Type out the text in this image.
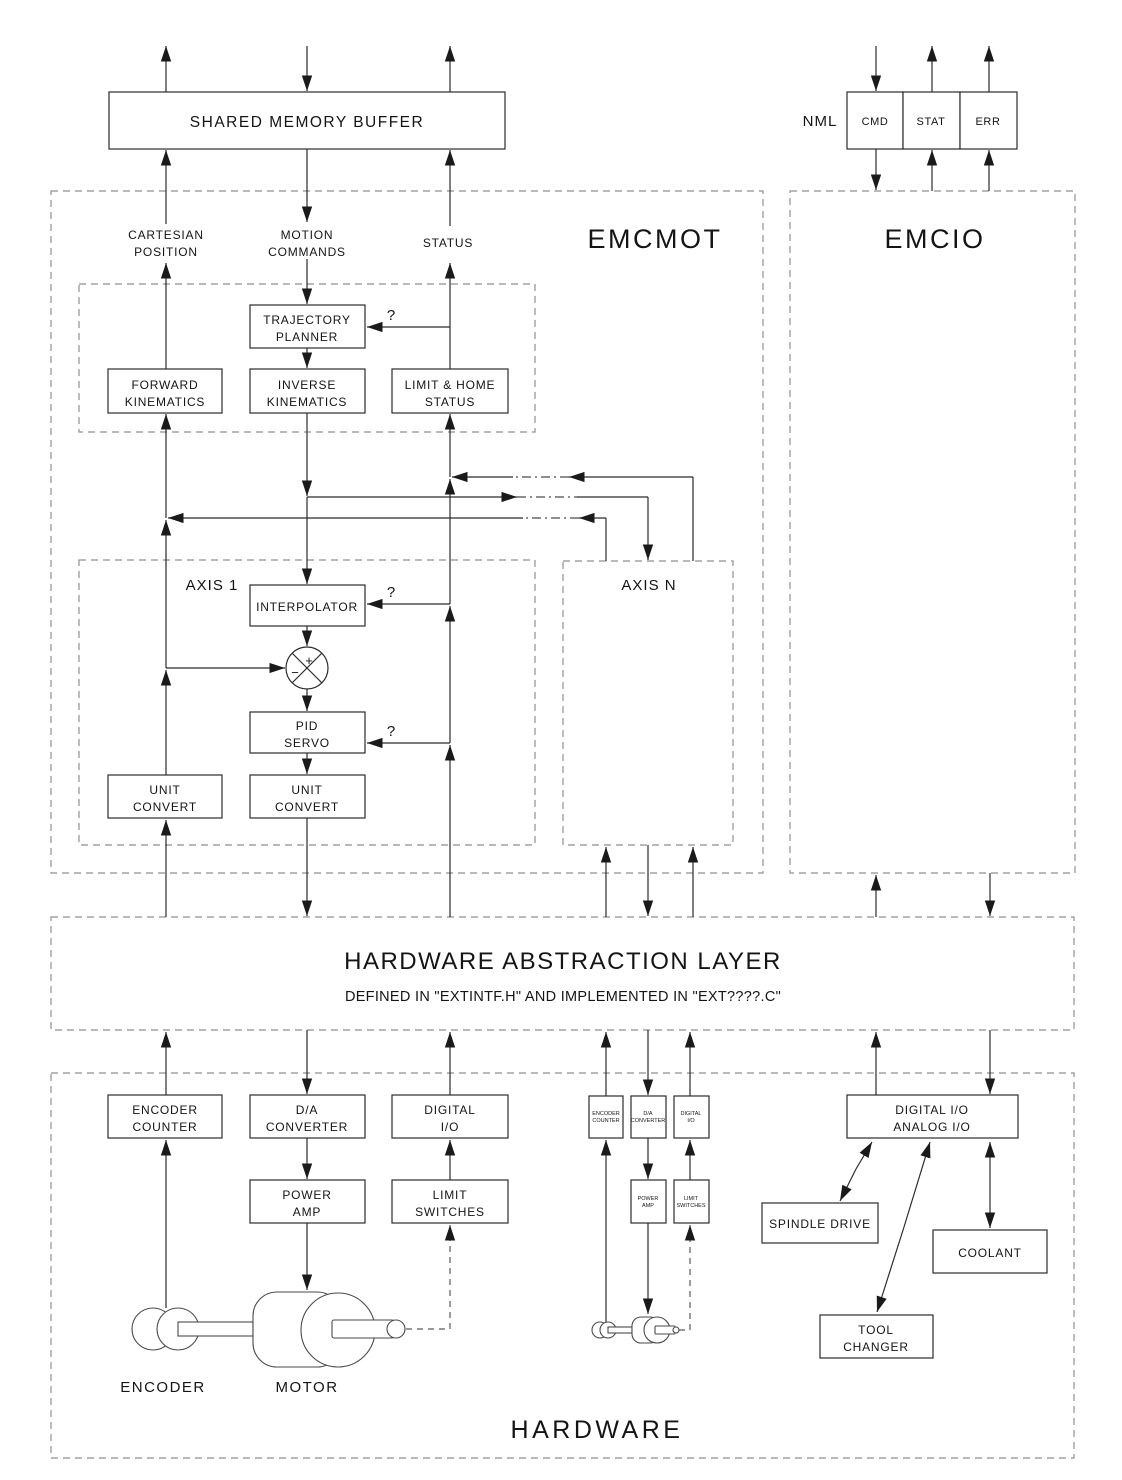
SHARED MEMORY BUFFER	NML CMD	STAT	ERR
EMCMOT	EMCIO
CARTESIAN
POSITION
MOTION
COMMANDS
STATUS
TRAJECTORY
PLANNER
FORWARD
KINEMATICS
INVERSE
KINEMATICS
LIMIT & HOME
STATUS
?
?
?
AXIS 1	AXIS N
INTERPOLATOR
+
−
PID
SERVO
UNIT
CONVERT
UNIT
CONVERT
HARDWARE ABSTRACTION LAYER
DEFINED IN "EXTINTF.H" AND IMPLEMENTED IN "EXT????.C"
ENCODER
COUNTER
D/A
CONVERTER
DIGITAL
I/O
POWER
AMP
LIMIT
SWITCHES
ENCODER	MOTOR
ENCODER
COUNTER
D/A
CONVERTER
DIGITAL
I/O
POWER
AMP
LIMIT
SWITCHES
DIGITAL I/O
ANALOG I/O
SPINDLE DRIVE
COOLANT
TOOL
CHANGER
HARDWARE
